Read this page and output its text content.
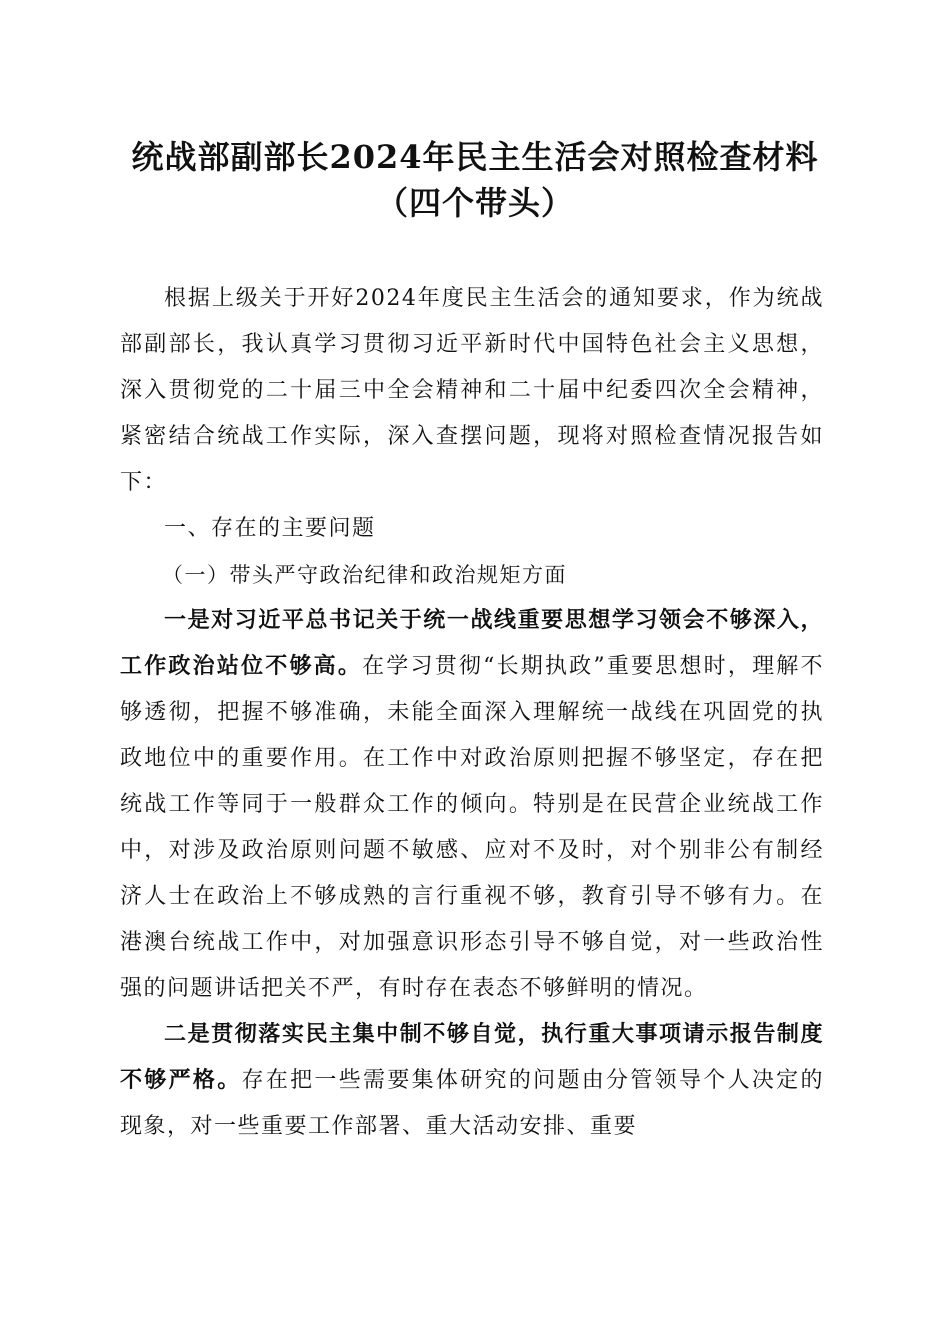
统战部副部长2024年民主生活会对照检查材料（四个带头）

根据上级关于开好2024年度民主生活会的通知要求，作为统战部副部长，我认真学习贯彻习近平新时代中国特色社会主义思想，深入贯彻党的二十届三中全会精神和二十届中纪委四次全会精神，紧密结合统战工作实际，深入查摆问题，现将对照检查情况报告如下：

一、存在的主要问题

（一）带头严守政治纪律和政治规矩方面

一是对习近平总书记关于统一战线重要思想学习领会不够深入，工作政治站位不够高。在学习贯彻“长期执政”重要思想时，理解不够透彻，把握不够准确，未能全面深入理解统一战线在巩固党的执政地位中的重要作用。在工作中对政治原则把握不够坚定，存在把统战工作等同于一般群众工作的倾向。特别是在民营企业统战工作中，对涉及政治原则问题不敏感、应对不及时，对个别非公有制经济人士在政治上不够成熟的言行重视不够，教育引导不够有力。在港澳台统战工作中，对加强意识形态引导不够自觉，对一些政治性强的问题讲话把关不严，有时存在表态不够鲜明的情况。

二是贯彻落实民主集中制不够自觉，执行重大事项请示报告制度不够严格。存在把一些需要集体研究的问题由分管领导个人决定的现象，对一些重要工作部署、重大活动安排、重要
